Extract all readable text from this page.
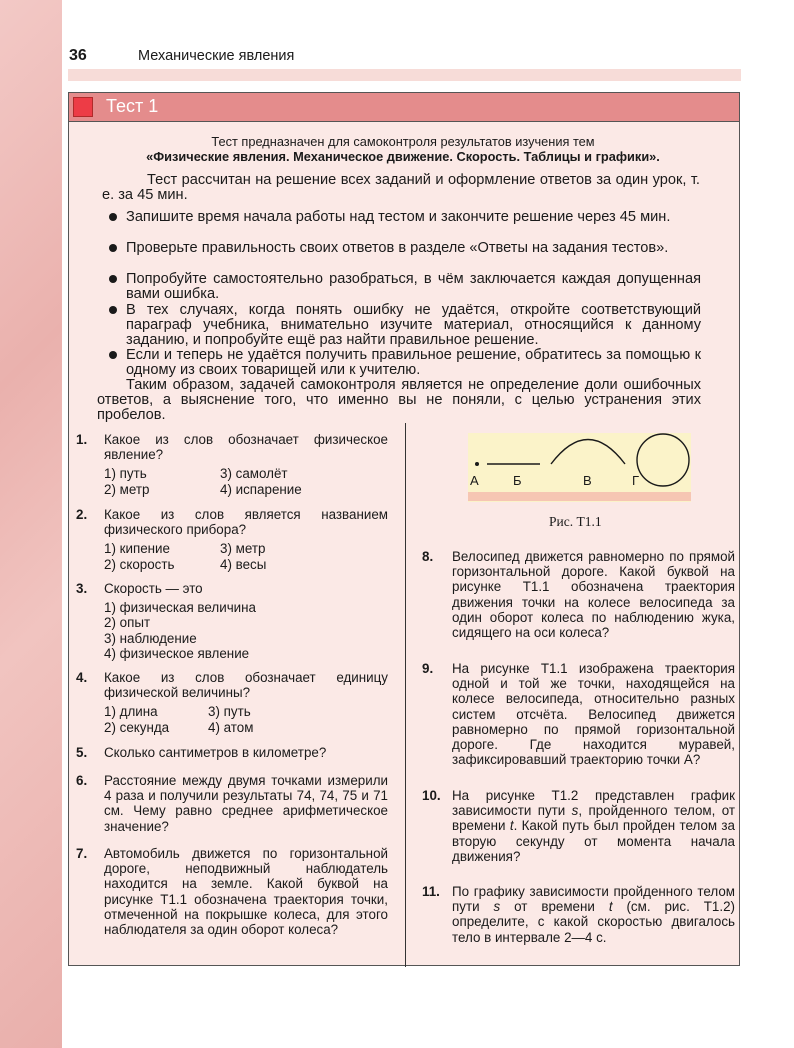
36	Механические явления
Тест 1
Тест предназначен для самоконтроля результатов изучения тем
«Физические явления. Механическое движение. Скорость. Таблицы и графики».
Тест рассчитан на решение всех заданий и оформление ответов за один урок, т. е. за 45 мин.
Запишите время начала работы над тестом и закончите решение через 45 мин.
Проверьте правильность своих ответов в разделе «Ответы на задания тестов».
Попробуйте самостоятельно разобраться, в чём заключается каждая допущенная вами ошибка.
В тех случаях, когда понять ошибку не удаётся, откройте соответствующий параграф учебника, внимательно изучите материал, относящийся к данному заданию, и попробуйте ещё раз найти правильное решение.
Если и теперь не удаётся получить правильное решение, обратитесь за помощью к одному из своих товарищей или к учителю.
Таким образом, задачей самоконтроля является не определение доли ошибочных ответов, а выяснение того, что именно вы не поняли, с целью устранения этих пробелов.
1. Какое из слов обозначает физическое явление?
1) путь	3) самолёт
2) метр	4) испарение
2. Какое из слов является названием физического прибора?
1) кипение	3) метр
2) скорость	4) весы
3. Скорость — это
1) физическая величина
2) опыт
3) наблюдение
4) физическое явление
4. Какое из слов обозначает единицу физической величины?
1) длина	3) путь
2) секунда	4) атом
5. Сколько сантиметров в километре?
6. Расстояние между двумя точками измерили 4 раза и получили результаты 74, 74, 75 и 71 см. Чему равно среднее арифметическое значение?
7. Автомобиль движется по горизонтальной дороге, неподвижный наблюдатель находится на земле. Какой буквой на рисунке Т1.1 обозначена траектория точки, отмеченной на покрышке колеса, для этого наблюдателя за один оборот колеса?
А	Б	В	Г
Рис. Т1.1
8. Велосипед движется равномерно по прямой горизонтальной дороге. Какой буквой на рисунке Т1.1 обозначена траектория движения точки на колесе велосипеда за один оборот колеса по наблюдению жука, сидящего на оси колеса?
9. На рисунке Т1.1 изображена траектория одной и той же точки, находящейся на колесе велосипеда, относительно разных систем отсчёта. Велосипед движется равномерно по прямой горизонтальной дороге. Где находится муравей, зафиксировавший траекторию точки А?
10. На рисунке Т1.2 представлен график зависимости пути s, пройденного телом, от времени t. Какой путь был пройден телом за вторую секунду от момента начала движения?
11. По графику зависимости пройденного телом пути s от времени t (см. рис. Т1.2) определите, с какой скоростью двигалось тело в интервале 2—4 с.
